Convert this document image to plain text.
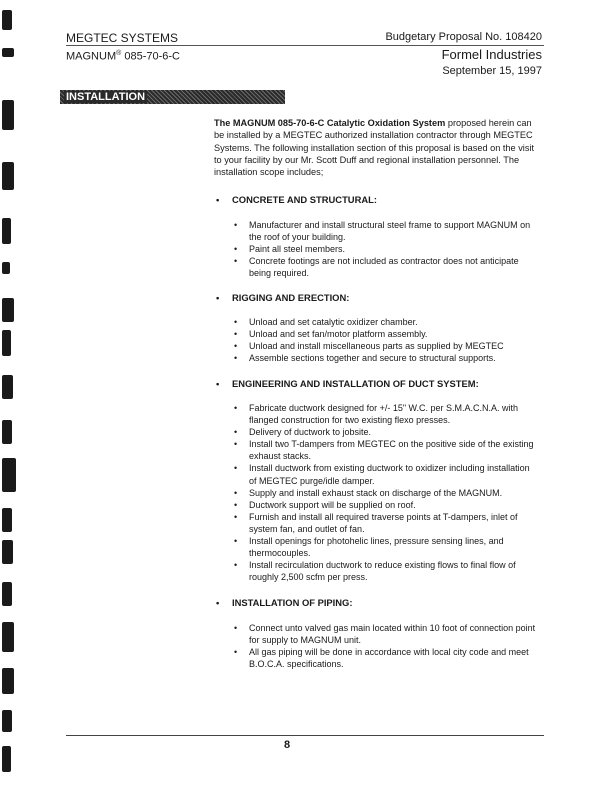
MEGTEC SYSTEMS
MAGNUM® 085-70-6-C
Budgetary Proposal No. 108420
Formel Industries
September 15, 1997
INSTALLATION
The MAGNUM 085-70-6-C Catalytic Oxidation System proposed herein can be installed by a MEGTEC authorized installation contractor through MEGTEC Systems. The following installation section of this proposal is based on the visit to your facility by our Mr. Scott Duff and regional installation personnel. The installation scope includes;
• CONCRETE AND STRUCTURAL:
• Manufacturer and install structural steel frame to support MAGNUM on the roof of your building.
• Paint all steel members.
• Concrete footings are not included as contractor does not anticipate being required.
• RIGGING AND ERECTION:
• Unload and set catalytic oxidizer chamber.
• Unload and set fan/motor platform assembly.
• Unload and install miscellaneous parts as supplied by MEGTEC
• Assemble sections together and secure to structural supports.
• ENGINEERING AND INSTALLATION OF DUCT SYSTEM:
• Fabricate ductwork designed for +/- 15" W.C. per S.M.A.C.N.A. with flanged construction for two existing flexo presses.
• Delivery of ductwork to jobsite.
• Install two T-dampers from MEGTEC on the positive side of the existing exhaust stacks.
• Install ductwork from existing ductwork to oxidizer including installation of MEGTEC purge/idle damper.
• Supply and install exhaust stack on discharge of the MAGNUM.
• Ductwork support will be supplied on roof.
• Furnish and install all required traverse points at T-dampers, inlet of system fan, and outlet of fan.
• Install openings for photohelic lines, pressure sensing lines, and thermocouples.
• Install recirculation ductwork to reduce existing flows to final flow of roughly 2,500 scfm per press.
• INSTALLATION OF PIPING:
• Connect unto valved gas main located within 10 foot of connection point for supply to MAGNUM unit.
• All gas piping will be done in accordance with local city code and meet B.O.C.A. specifications.
8
